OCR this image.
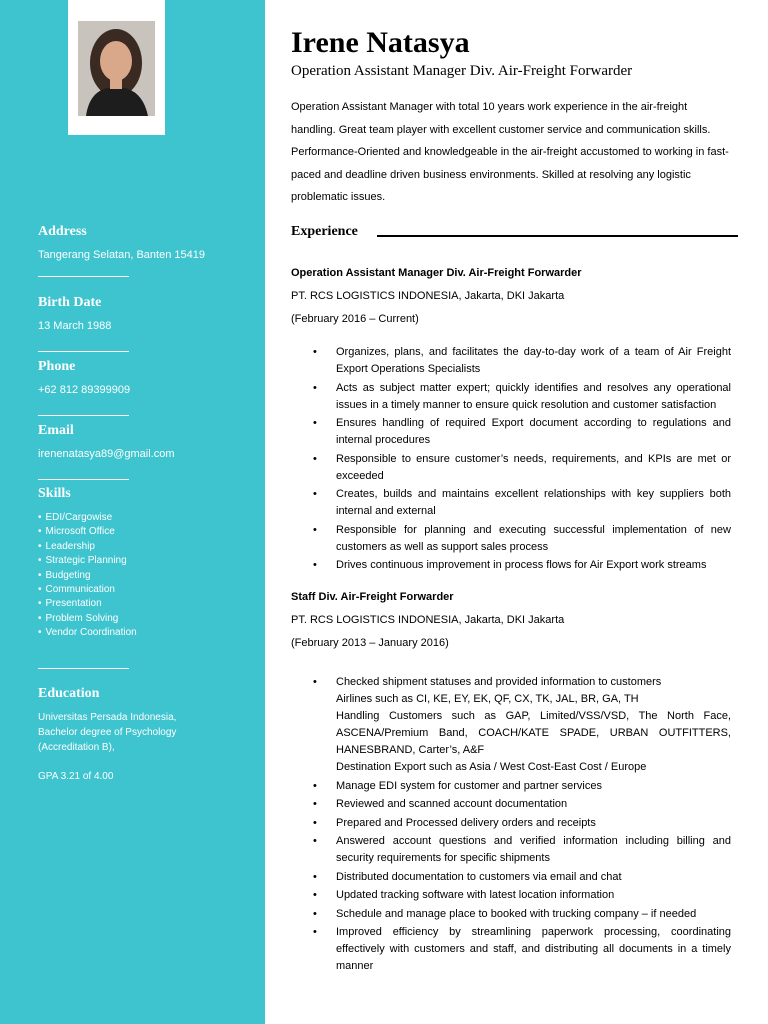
Address
Tangerang Selatan, Banten 15419
Birth Date
13 March 1988
Phone
+62 812 89399909
Email
irenenatasya89@gmail.com
Skills
• EDI/Cargowise
• Microsoft Office
• Leadership
• Strategic Planning
• Budgeting
• Communication
• Presentation
• Problem Solving
• Vendor Coordination
Education
Universitas Persada Indonesia,
Bachelor degree of Psychology
(Accreditation B),
GPA 3.21 of 4.00
Irene Natasya
Operation Assistant Manager Div. Air-Freight Forwarder
Operation Assistant Manager with total 10 years work experience in the air-freight handling. Great team player with excellent customer service and communication skills. Performance-Oriented and knowledgeable in the air-freight accustomed to working in fast-paced and deadline driven business environments. Skilled at resolving any logistic problematic issues.
Experience
Operation Assistant Manager Div. Air-Freight Forwarder
PT. RCS LOGISTICS INDONESIA, Jakarta, DKI Jakarta
(February 2016 – Current)
• Organizes, plans, and facilitates the day-to-day work of a team of Air Freight Export Operations Specialists
• Acts as subject matter expert; quickly identifies and resolves any operational issues in a timely manner to ensure quick resolution and customer satisfaction
• Ensures handling of required Export document according to regulations and internal procedures
• Responsible to ensure customer’s needs, requirements, and KPIs are met or exceeded
• Creates, builds and maintains excellent relationships with key suppliers both internal and external
• Responsible for planning and executing successful implementation of new customers as well as support sales process
• Drives continuous improvement in process flows for Air Export work streams
Staff Div. Air-Freight Forwarder
PT. RCS LOGISTICS INDONESIA, Jakarta, DKI Jakarta
(February 2013 – January 2016)
• Checked shipment statuses and provided information to customers
Airlines such as CI, KE, EY, EK, QF, CX, TK, JAL, BR, GA, TH
Handling Customers such as GAP, Limited/VSS/VSD, The North Face, ASCENA/Premium Band, COACH/KATE SPADE, URBAN OUTFITTERS, HANESBRAND, Carter’s, A&F
Destination Export such as Asia / West Cost-East Cost / Europe
• Manage EDI system for customer and partner services
• Reviewed and scanned account documentation
• Prepared and Processed delivery orders and receipts
• Answered account questions and verified information including billing and security requirements for specific shipments
• Distributed documentation to customers via email and chat
• Updated tracking software with latest location information
• Schedule and manage place to booked with trucking company – if needed
• Improved efficiency by streamlining paperwork processing, coordinating effectively with customers and staff, and distributing all documents in a timely manner
